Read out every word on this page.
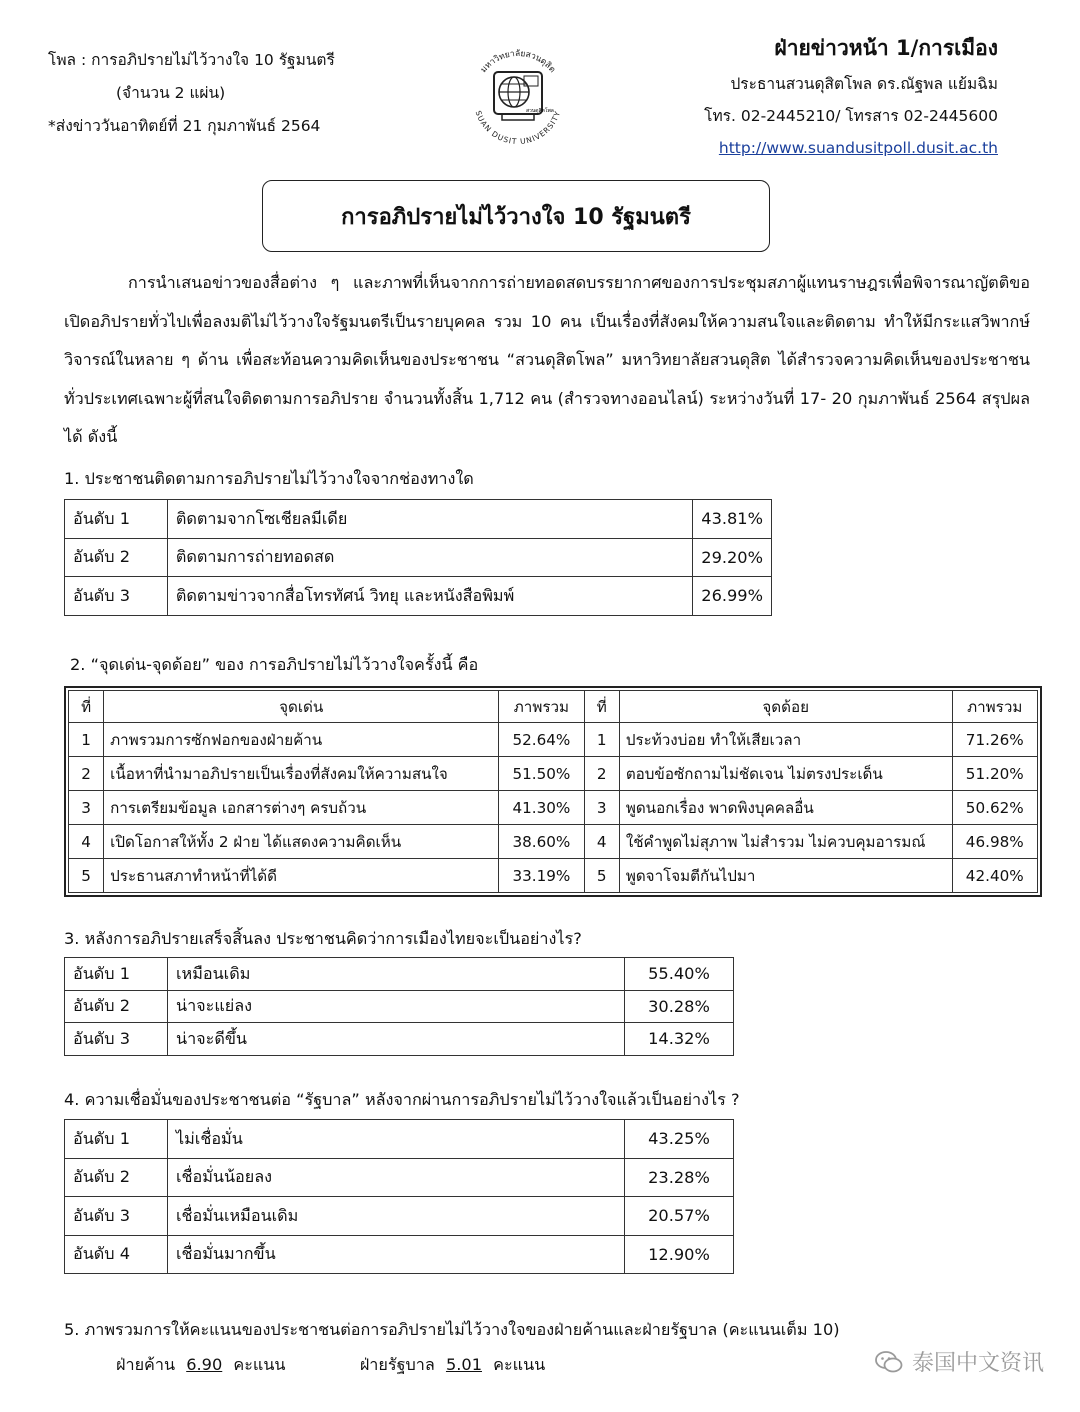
โพล : การอภิปรายไม่ไว้วางใจ 10 รัฐมนตรี
(จำนวน 2 แผ่น)
*ส่งข่าววันอาทิตย์ที่ 21 กุมภาพันธ์ 2564
มหาวิทยาลัยสวนดุสิต
SUAN DUSIT UNIVERSITY
สวนดุสิตโพล
ฝ่ายข่าวหน้า 1/การเมือง
ประธานสวนดุสิตโพล ดร.ณัฐพล แย้มฉิม
โทร. 02-2445210/ โทรสาร 02-2445600
http://www.suandusitpoll.dusit.ac.th
การอภิปรายไม่ไว้วางใจ 10 รัฐมนตรี
การนำเสนอข่าวของสื่อต่าง ๆ และภาพที่เห็นจากการถ่ายทอดสดบรรยากาศของการประชุมสภาผู้แทนราษฎรเพื่อพิจารณาญัตติขอเปิดอภิปรายทั่วไปเพื่อลงมติไม่ไว้วางใจรัฐมนตรีเป็นรายบุคคล รวม 10 คน เป็นเรื่องที่สังคมให้ความสนใจและติดตาม ทำให้มีกระแสวิพากษ์วิจารณ์ในหลาย ๆ ด้าน เพื่อสะท้อนความคิดเห็นของประชาชน “สวนดุสิตโพล” มหาวิทยาลัยสวนดุสิต ได้สำรวจความคิดเห็นของประชาชนทั่วประเทศเฉพาะผู้ที่สนใจติดตามการอภิปราย จำนวนทั้งสิ้น 1,712 คน (สำรวจทางออนไลน์) ระหว่างวันที่ 17- 20 กุมภาพันธ์ 2564 สรุปผลได้ ดังนี้
1. ประชาชนติดตามการอภิปรายไม่ไว้วางใจจากช่องทางใด
อันดับ 1	ติดตามจากโซเชียลมีเดีย	43.81%
อันดับ 2	ติดตามการถ่ายทอดสด	29.20%
อันดับ 3	ติดตามข่าวจากสื่อโทรทัศน์ วิทยุ และหนังสือพิมพ์	26.99%
2. “จุดเด่น-จุดด้อย” ของ การอภิปรายไม่ไว้วางใจครั้งนี้ คือ
ที่	จุดเด่น	ภาพรวม	ที่	จุดด้อย	ภาพรวม
1	ภาพรวมการซักฟอกของฝ่ายค้าน	52.64%	1	ประท้วงบ่อย ทำให้เสียเวลา	71.26%
2	เนื้อหาที่นำมาอภิปรายเป็นเรื่องที่สังคมให้ความสนใจ	51.50%	2	ตอบข้อซักถามไม่ชัดเจน ไม่ตรงประเด็น	51.20%
3	การเตรียมข้อมูล เอกสารต่างๆ ครบถ้วน	41.30%	3	พูดนอกเรื่อง พาดพิงบุคคลอื่น	50.62%
4	เปิดโอกาสให้ทั้ง 2 ฝ่าย ได้แสดงความคิดเห็น	38.60%	4	ใช้คำพูดไม่สุภาพ ไม่สำรวม ไม่ควบคุมอารมณ์	46.98%
5	ประธานสภาทำหน้าที่ได้ดี	33.19%	5	พูดจาโจมตีกันไปมา	42.40%
3. หลังการอภิปรายเสร็จสิ้นลง ประชาชนคิดว่าการเมืองไทยจะเป็นอย่างไร?
อันดับ 1	เหมือนเดิม	55.40%
อันดับ 2	น่าจะแย่ลง	30.28%
อันดับ 3	น่าจะดีขึ้น	14.32%
4. ความเชื่อมั่นของประชาชนต่อ “รัฐบาล” หลังจากผ่านการอภิปรายไม่ไว้วางใจแล้วเป็นอย่างไร ?
อันดับ 1	ไม่เชื่อมั่น	43.25%
อันดับ 2	เชื่อมั่นน้อยลง	23.28%
อันดับ 3	เชื่อมั่นเหมือนเดิม	20.57%
อันดับ 4	เชื่อมั่นมากขึ้น	12.90%
5. ภาพรวมการให้คะแนนของประชาชนต่อการอภิปรายไม่ไว้วางใจของฝ่ายค้านและฝ่ายรัฐบาล (คะแนนเต็ม 10)
ฝ่ายค้าน 6.90 คะแนน	ฝ่ายรัฐบาล 5.01 คะแนน	泰国中文资讯
